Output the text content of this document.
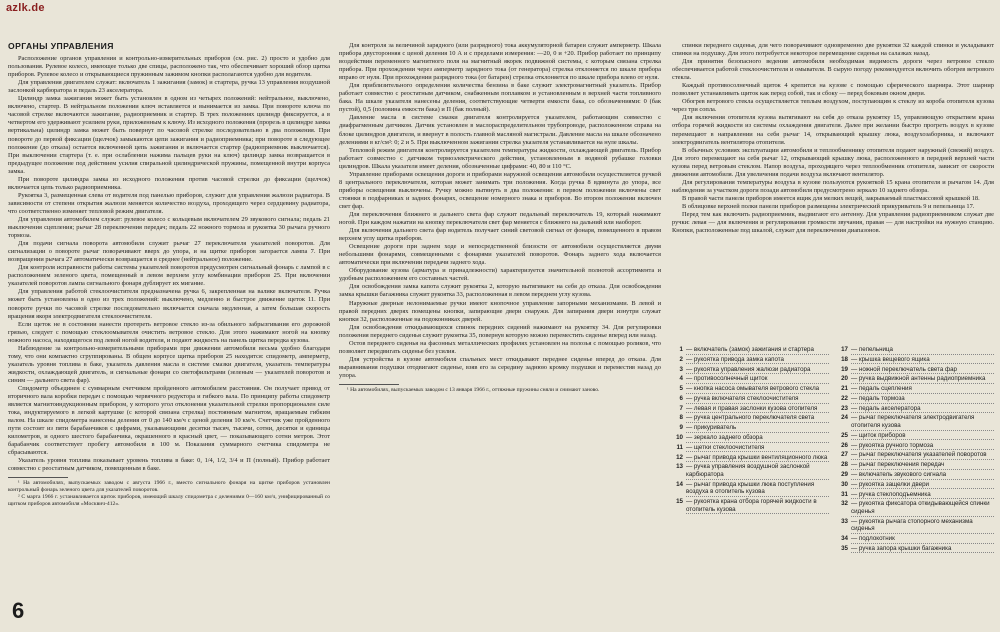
azlk.de
ОРГАНЫ УПРАВЛЕНИЯ

Расположение органов управления и контрольно-измерительных приборов (см. рис. 2) просто и удобно для пользования. Рулевое колесо, имеющее только две спицы, расположено так, что обеспечивает хороший обзор щитка приборов. Рулевое колесо и открывающиеся пружинным зажимом кнопки располагаются удобно для водителя.

Для управления двигателем служат: включатель 1 зажигания (замок) и стартера, ручка 13 управления воздушной заслонкой карбюратора и педаль 23 акселератора.

Цилиндр замка зажигания может быть установлен в одном из четырех положений: нейтральное, выключено, включено, стартер. В нейтральном положении ключ вставляется и вынимается из замка. При повороте ключа по часовой стрелке включаются зажигание, радиоприемник и стартер. В трех положениях цилиндр фиксируется, а в четвертом его удерживают усилием руки, приложенным к ключу. Из исходного положения (прорезь в цилиндре замка вертикальна) цилиндр замка может быть повернут по часовой стрелке последовательно в два положения. При повороте до первой фиксации (щелчок) замыкаются цепи зажигания и радиоприемника; при повороте в следующее положение (до отказа) остается включенной цепь зажигания и включается стартер (радиоприемник выключается). При выключении стартера (т. е. при ослаблении нажима пальцев руки на ключ) цилиндр замка возвращается в предыдущее положение под действием усилия спиральной цилиндрической пружины, помещенной внутри корпуса замка.

При повороте цилиндра замка из исходного положения против часовой стрелки до фиксации (щелчок) включается цепь только радиоприемника.

Рукоятка 3, размещенная слева от водителя под панелью приборов, служит для управления жалюзи радиатора. В зависимости от степени открытия жалюзи меняется количество воздуха, проходящего через сердцевину радиатора, что соответственно изменяет тепловой режим двигателя.

Для управления автомобилем служат: рулевое колесо с кольцевым включателем 29 звукового сигнала; педаль 21 выключения сцепления; рычаг 28 переключения передач; педаль 22 ножного тормоза и рукоятка 30 рычага ручного тормоза.

Для подачи сигнала поворота автомобиля служит рычаг 27 переключателя указателей поворотов. Для сигнализации о повороте рычаг поворачивают вверх до упора, и на щитке приборов загорается лампа 7. При возвращении рычага 27 автоматически возвращается в среднее (нейтральное) положение.

Для контроля исправности работы системы указателей поворотов предусмотрен сигнальный фонарь с лампой в с расположением зеленого цвета, помещенный в левом верхнем углу комбинации приборов 25. При включении указателей поворотов лампа сигнального фонаря дублирует их мигание.

Для управления работой стеклоочистителя предназначена ручка 6, закрепленная на валике включателя. Ручка может быть установлена в одно из трех положений: выключено, медленно и быстрое движение щеток 11. При повороте ручки по часовой стрелке последовательно включается сначала медленная, а затем большая скорость вращения якоря электродвигателя стеклоочистителя.

Если щеток не в состоянии нанести протереть ветровое стекло из-за обильного забрызгивания его дорожной грязью, следует с помощью стеклоомывателя очистить ветровое стекло. Для этого нажимают ногой на кнопку ножного насоса, находящегося под левой ногой водителя, и подают жидкость на панель щитка передка кузова.

Наблюдение за контрольно-измерительными приборами при движении автомобиля весьма удобно благодаря тому, что они компактно сгруппированы. В общем корпусе щитка приборов 25 находятся: спидометр, амперметр, указатель уровня топлива в баке, указатель давления масла в системе смазки двигателя, указатель температуры жидкости, охлаждающей двигатель, и сигнальные фонари со светофильтрами (зеленым — указателей поворотов и синим — дальнего света фар).

Спидометр объединен с суммарным счетчиком пройденного автомобилем расстояния. Он получает привод от вторичного вала коробки передач с помощью червячного редуктора и гибкого вала. По принципу работы спидометр является магнитоиндукционным прибором, у которого угол отклонения указательной стрелки пропорционален силе тока, индуктируемого в легкой картушке (с которой связана стрелка) постоянным магнитом, вращаемым гибким валом. На шкале спидометра нанесены деления от 0 до 140 км/ч с ценой деления 10 км/ч. Счетчик уже пройденного пути состоит из пяти барабанчиков с цифрами, указывающими десятки тысяч, тысячи, сотни, десятки и единицы километров, и одного шестого барабанчика, окрашенного в красный цвет, — показывающего сотни метров. Этот барабанчик соответствует пробегу автомобиля в 100 м. Показания суммарного счетчика спидометра не сбрасываются.

Указатель уровня топлива показывает уровень топлива в баке: 0, 1/4, 1/2, 3/4 и П (полный). Прибор работает совместно с реостатным датчиком, помещенным в баке.

¹ На автомобилях, выпускаемых заводом с августа 1966 г., вместо сигнального фонаря на щитке приборов установлен контрольный фонарь зеленого цвета для указателей поворотов.

² С марта 1966 г. устанавливается щиток приборов, имеющий шкалу спидометра с делениями 0—160 км/ч, унифицированный со щитком приборов автомобиля «Москвич-412».

Для контроля за величиной зарядного (или разрядного) тока аккумуляторной батареи служит амперметр. Шкала прибора двусторонняя с ценой деления 10 А и с пределами измерения: —20, 0 и +20. Прибор работает по принципу воздействия переменного магнитного поля на магнитный якорек подвижной системы, с которым связана стрелка прибора. При прохождении через амперметр зарядного тока (от генератора) стрелка отклоняется по шкале прибора вправо от нуля. При прохождении разрядного тока (от батареи) стрелка отклоняется по шкале прибора влево от нуля.

Для приблизительного определения количества бензина в баке служит электромагнитный указатель. Прибор работает совместно с реостатным датчиком, снабженным поплавком и установленным в верхней части топливного бака. На шкале указателя нанесены деления, соответствующие четверти емкости бака, со обозначениями: 0 (бак пустой), 0,5 (половина емкости бака) и П (бак полный).

Давление масла в системе смазки двигателя контролируется указателем, работающим совместно с диафрагменным датчиком. Датчик установлен в маслораспределительном трубопроводе, расположенном справа на блоке цилиндров двигателя, и ввернут в полость главной масляной магистрали. Давление масла на шкале обозначено делениями в кг/см²: 0; 2 и 5. При выключенном зажигании стрелка указателя устанавливается на нуле шкалы.

Тепловой режим двигателя контролируется указателем температуры жидкости, охлаждающей двигатель. Прибор работает совместно с датчиком термоэлектрического действия, установленным в водяной рубашке головки цилиндров. Шкала указателя имеет деления, обозначенные цифрами: 40, 80 и 110 °C.

Управление приборами освещения дороги и приборами наружной освещения автомобиля осуществляется ручкой 8 центрального переключателя, которая может занимать три положения. Когда ручка 8 вдвинута до упора, все приборы освещения выключены. Ручку можно вытянуть в два положения: в первом положении включены свет стоянки в подфарниках и задних фонарях, освещение номерного знака и приборов. Во втором положении включен свет фар.

Для переключения ближнего и дальнего света фар служит педальный переключатель 19, который нажимают ногой. При каждом нажатии на кнопку переключателя свет фар меняется с ближнего на дальний или наоборот.

Для включения дальнего света фар водитель получает синий световой сигнал от фонаря, помещенного в правом верхнем углу щитка приборов.

Освещение дороги при заднем ходе и непосредственной близости от автомобиля осуществляется двумя небольшими фонарями, совмещенными с фонарями указателей поворотов. Фонарь заднего хода включается автоматически при включении передачи заднего хода.

Оборудование кузова (арматура и принадлежности) характеризуется значительной полнотой ассортимента и удобным расположением его составных частей.

Для освобождения замка капота служит рукоятка 2, которую вытягивают на себя до отказа. Для освобождения замка крышки багажника служит рукоятка 33, расположенная в левом переднем углу кузова.

Наружные дверные нелонимаемые ручки имеют кнопочное управление запорными механизмами. В левой и правой передних дверях помещены кнопки, запирающие двери снаружи. Для запирания двери изнутри служат кнопки 32, расположенные на подоконниках дверей.

Для освобождения откидывающихся спинок передних сидений нажимают на рукоятку 34. Для регулировки положения переднего сиденья служит рукоятка 35, повернув которую можно переместить сиденье вперед или назад.

Остов переднего сиденья на фасонных металлических профилях установлен на полозья с помощью роликов, что позволяет передвигать сиденье без усилия.

Для устройства в кузове автомобиля спальных мест откидывают переднее сиденье вперед до отказа. Для выравнивания подушки отодвигают сиденье, взяв его за середину заднюю кромку подушки и переместив назад до упора.

¹ На автомобилях, выпускаемых заводом с 13 января 1966 г., оттяжные пружины сняли и снимают заново.

спинки переднего сиденья, для чего поворачивают одновременно две рукоятки 32 каждой спинки и укладывают спинки на подушку. Для этого потребуется некоторое перемещение сиденья на салазках назад.

Для принятия безопасного ведения автомобиля необходимая видимость дороги через ветровое стекло обеспечивается работой стеклоочистителя и омывателя. В сырую погоду рекомендуется включить обогрев ветрового стекла.

Каждый противосолнечный щиток 4 крепится на кузове с помощью сферического шарнира. Этот шарнир позволяет устанавливать щиток как перед собой, так и сбоку — перед боковым окном двери.

Обогрев ветрового стекла осуществляется теплым воздухом, поступающим к стеклу из короба отопителя кузова через три сопла.

Для включения отопителя кузова вытягивают на себя до отказа рукоятку 15, управляющую открытием крана отбора горячей жидкости из системы охлаждения двигателя. Далее при желании быстро прогреть воздух в кузове перемещают в направлении на себя рычаг 14, открывающий крышку люка, воздухозаборника, и включают электродвигатель вентилятора отопителя.

В обычных условиях эксплуатации автомобиля и теплообменнику отопителя подают наружный (свежий) воздух. Для этого перемещают на себя рычаг 12, открывающий крышку люка, расположенного в передней верхней части кузова перед ветровым стеклом. Напор воздуха, проходящего через теплообменник отопителя, зависит от скорости движения автомобиля. Для увеличения подачи воздуха включают вентилятор.

Для регулирования температуры воздуха в кузове пользуются рукояткой 15 крана отопителя и рычагом 14. Для наблюдения за участком дороги позади автомобиля предусмотрено зеркало 10 заднего обзора.

В правой части панели приборов имеется ящик для мелких вещей, закрываемый пластмассовой крышкой 18.

В облицовке верхней полки панели приборов размещены электрический прикуриватель 9 и пепельница 17.

Перед тем как включить радиоприемник, выдвигают его антенну. Для управления радиоприемником служат две ручки: левая — для включения и регулирования громкости звучания, правая — для настройки на нужную станцию. Кнопки, расположенные под шкалой, служат для переключения диапазонов.

1 — включатель (замок) зажигания и стартера
2 — рукоятка привода замка капота
3 — рукоятка управления жалюзи радиатора
4 — противосолнечный щиток
5 — кнопка насоса омывателя ветрового стекла
6 — ручка включателя стеклоочистителя
7 — левая и правая заслонки кузова отопителя
8 — ручка центрального переключателя света
9 — прикуриватель
10 — зеркало заднего обзора
11 — щетки стеклоочистителя
12 — рычаг привода крышки вентиляционного люка
13 — ручка управления воздушной заслонкой карбюратора
14 — рычаг привода крышки люка поступления воздуха в отопитель кузова
15 — рукоятка крана отбора горячей жидкости в отопитель кузова
17 — пепельница
18 — крышка вещевого ящика
19 — ножной переключатель света фар
20 — ручка выдвижной антенны радиоприемника
21 — педаль сцепления
22 — педаль тормоза
23 — педаль акселератора
24 — рычаг переключателя электродвигателя отопителя кузова
25 — щиток приборов
26 — рукоятка ручного тормоза
27 — рычаг переключателя указателей поворотов
28 — рычаг переключения передач
29 — включатель звукового сигнала
30 — рукоятка защелки двери
31 — ручка стеклоподъемника
32 — рукоятка фиксатора откидывающейся спинки сиденья
33 — рукоятка рычага стопорного механизма сиденья
34 — подлокотник
35 — ручка запора крышки багажника
6
